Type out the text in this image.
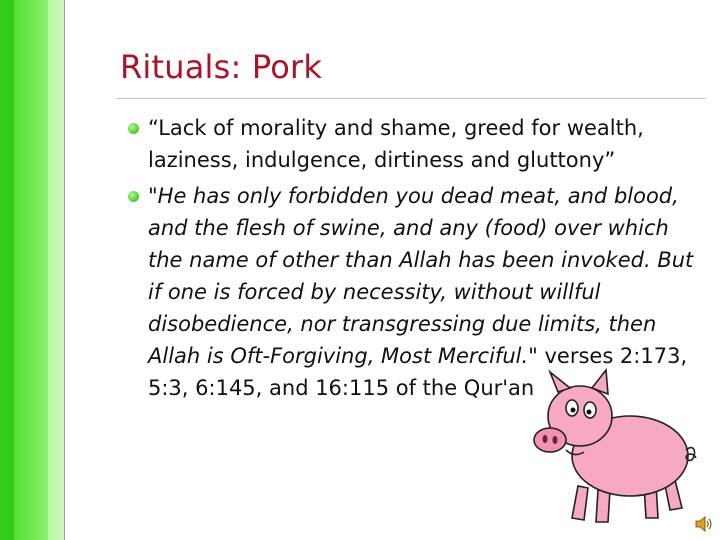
Rituals: Pork
“Lack of morality and shame, greed for wealth, laziness, indulgence, dirtiness and gluttony”
"He has only forbidden you dead meat, and blood, and the flesh of swine, and any (food) over which the name of other than Allah has been invoked. But if one is forced by necessity, without willful disobedience, nor transgressing due limits, then Allah is Oft-Forgiving, Most Merciful." verses 2:173, 5:3, 6:145, and 16:115 of the Qur'an
